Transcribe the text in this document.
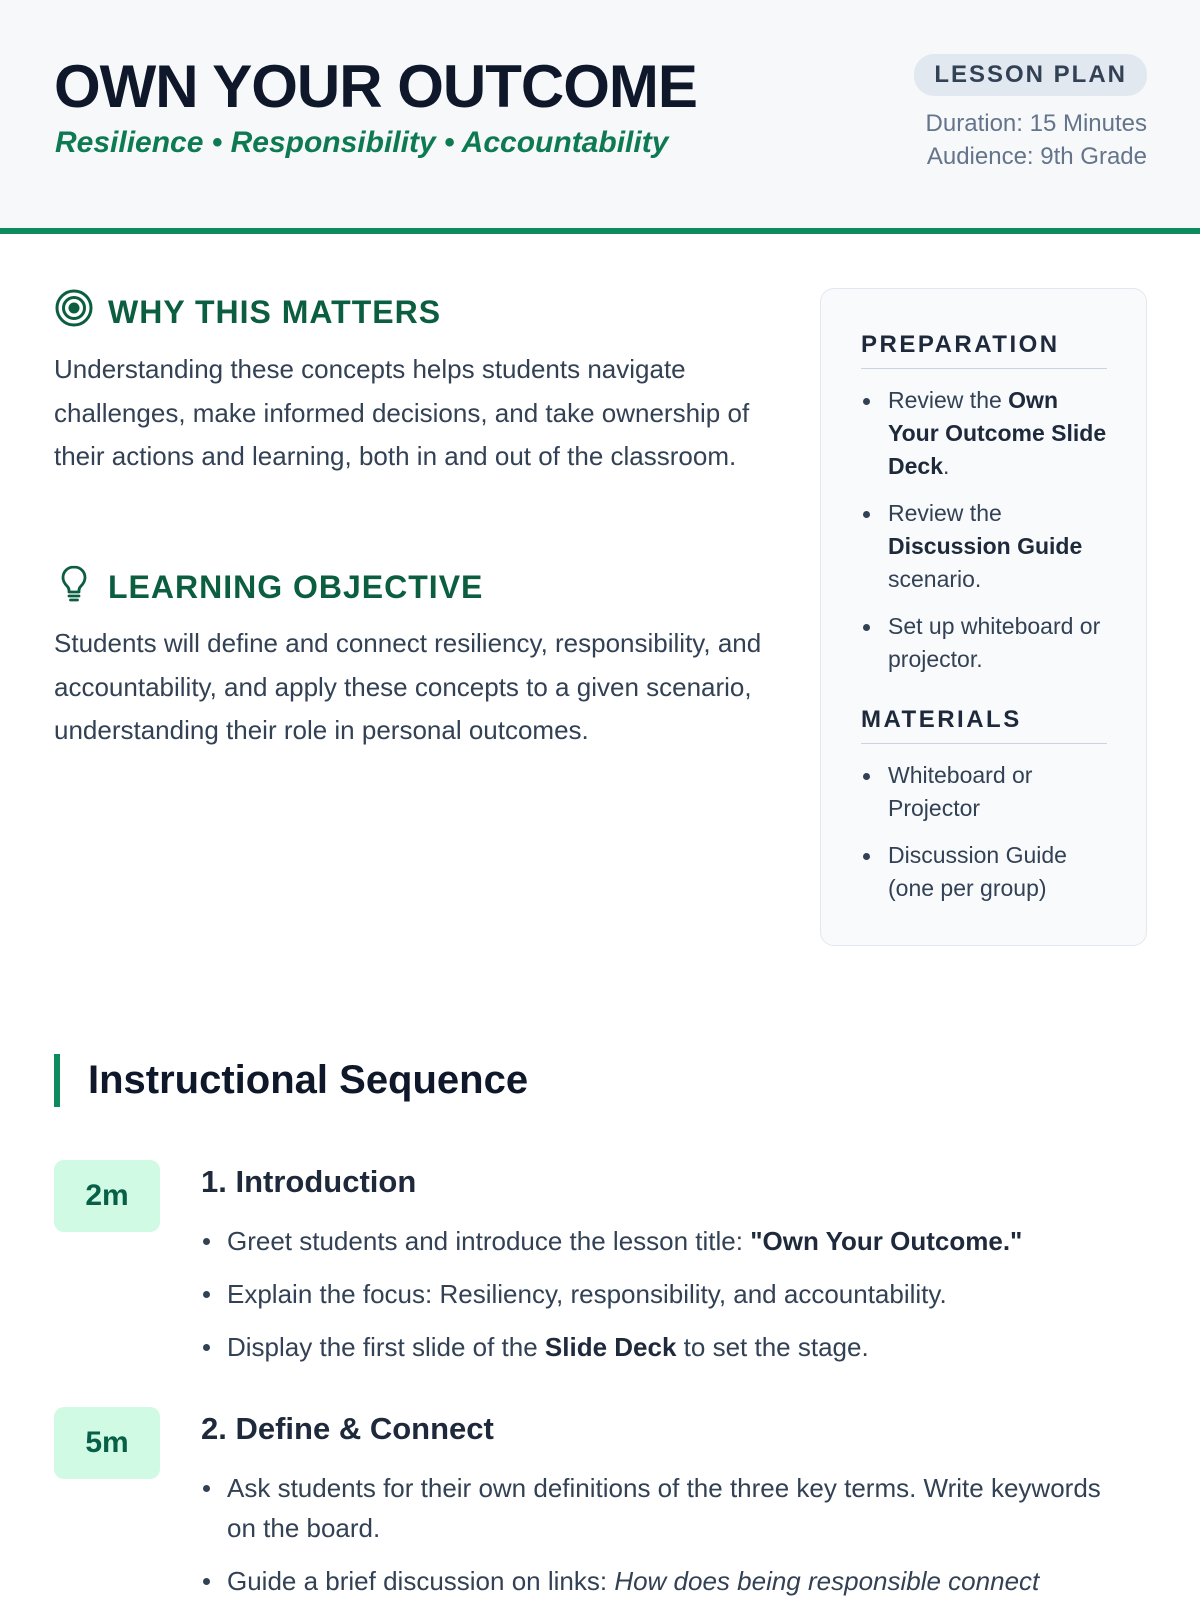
OWN YOUR OUTCOME
Resilience • Responsibility • Accountability
LESSON PLAN
Duration: 15 Minutes
Audience: 9th Grade
WHY THIS MATTERS
Understanding these concepts helps students navigate challenges, make informed decisions, and take ownership of their actions and learning, both in and out of the classroom.
LEARNING OBJECTIVE
Students will define and connect resiliency, responsibility, and accountability, and apply these concepts to a given scenario, understanding their role in personal outcomes.
PREPARATION
Review the Own Your Outcome Slide Deck.
Review the Discussion Guide scenario.
Set up whiteboard or projector.
MATERIALS
Whiteboard or Projector
Discussion Guide (one per group)
Instructional Sequence
2m	1. Introduction
Greet students and introduce the lesson title: "Own Your Outcome."
Explain the focus: Resiliency, responsibility, and accountability.
Display the first slide of the Slide Deck to set the stage.
5m	2. Define & Connect
Ask students for their own definitions of the three key terms. Write keywords on the board.
Guide a brief discussion on links: How does being responsible connect
